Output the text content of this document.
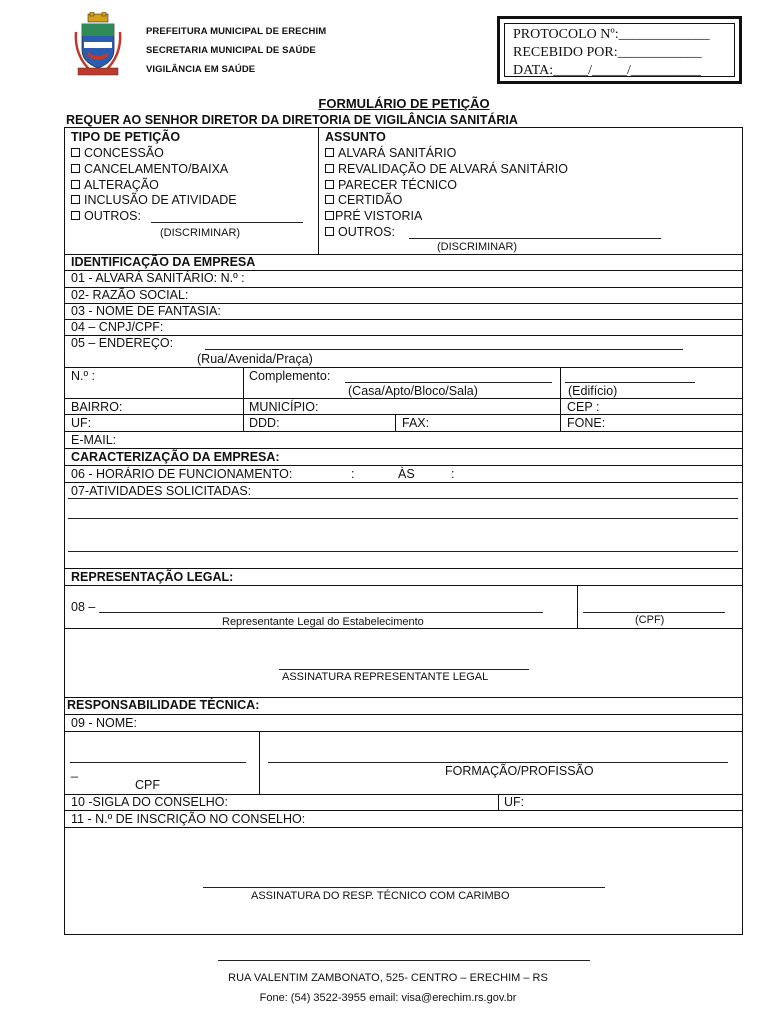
PREFEITURA MUNICIPAL DE ERECHIM
SECRETARIA MUNICIPAL DE SAÚDE
VIGILÂNCIA EM SAÚDE
PROTOCOLO Nº:_____________
RECEBIDO POR:____________
DATA:_____/_____/__________
FORMULÁRIO DE PETIÇÃO
REQUER AO SENHOR DIRETOR DA DIRETORIA DE VIGILÂNCIA SANITÁRIA
TIPO DE PETIÇÃO
CONCESSÃO
CANCELAMENTO/BAIXA
ALTERAÇÃO
INCLUSÃO DE ATIVIDADE
OUTROS:
(DISCRIMINAR)
ASSUNTO
ALVARÁ SANITÁRIO
REVALIDAÇÃO DE ALVARÁ SANITÁRIO
PARECER TÉCNICO
CERTIDÃO
PRÉ VISTORIA
OUTROS:
(DISCRIMINAR)
IDENTIFICAÇÃO DA EMPRESA
01 - ALVARÁ SANITÁRIO: N.º :
02- RAZÃO SOCIAL:
03 - NOME DE FANTASIA:
04 – CNPJ/CPF:
05 – ENDEREÇO:
(Rua/Avenida/Praça)
N.º :	Complemento:
(Casa/Apto/Bloco/Sala)	(Edifício)
BAIRRO:	MUNICÍPIO:	CEP :
UF:	DDD:	FAX:	FONE:
E-MAIL:
CARACTERIZAÇÃO DA EMPRESA:
06 - HORÁRIO DE FUNCIONAMENTO:	:	ÀS	:
07-ATIVIDADES SOLICITADAS:
REPRESENTAÇÃO LEGAL:
08 –
Representante Legal do Estabelecimento	(CPF)
ASSINATURA REPRESENTANTE LEGAL
RESPONSABILIDADE TÉCNICA:
09 - NOME:
_
CPF
FORMAÇÃO/PROFISSÃO
10 -SIGLA DO CONSELHO:	UF:
11 - N.º DE INSCRIÇÃO NO CONSELHO:
ASSINATURA DO RESP. TÉCNICO COM CARIMBO
RUA VALENTIM ZAMBONATO, 525- CENTRO – ERECHIM – RS
Fone: (54) 3522-3955 email: visa@erechim.rs.gov.br
